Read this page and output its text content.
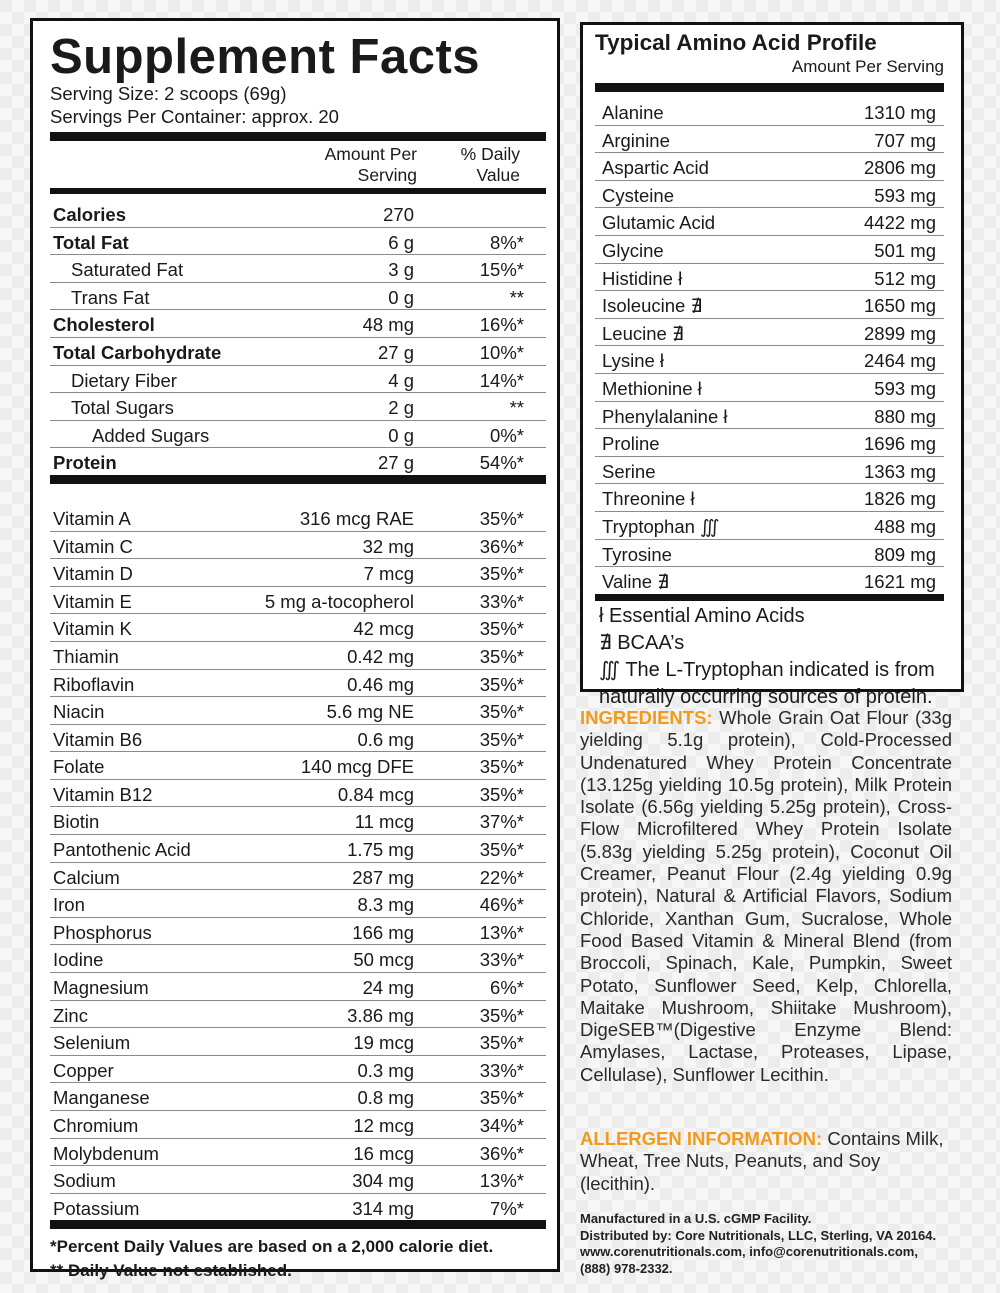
Supplement Facts
Serving Size: 2 scoops (69g)
Servings Per Container: approx. 20
Amount Per
Serving
% Daily
Value
Calories	270
Total Fat	6 g	8%*
Saturated Fat	3 g	15%*
Trans Fat	0 g	**
Cholesterol	48 mg	16%*
Total Carbohydrate	27 g	10%*
Dietary Fiber	4 g	14%*
Total Sugars	2 g	**
Added Sugars	0 g	0%*
Protein	27 g	54%*
Vitamin A	316 mcg RAE	35%*
Vitamin C	32 mg	36%*
Vitamin D	7 mcg	35%*
Vitamin E	5 mg a-tocopherol	33%*
Vitamin K	42 mcg	35%*
Thiamin	0.42 mg	35%*
Riboflavin	0.46 mg	35%*
Niacin	5.6 mg NE	35%*
Vitamin B6	0.6 mg	35%*
Folate	140 mcg DFE	35%*
Vitamin B12	0.84 mcg	35%*
Biotin	11 mcg	37%*
Pantothenic Acid	1.75 mg	35%*
Calcium	287 mg	22%*
Iron	8.3 mg	46%*
Phosphorus	166 mg	13%*
Iodine	50 mcg	33%*
Magnesium	24 mg	6%*
Zinc	3.86 mg	35%*
Selenium	19 mcg	35%*
Copper	0.3 mg	33%*
Manganese	0.8 mg	35%*
Chromium	12 mcg	34%*
Molybdenum	16 mcg	36%*
Sodium	304 mg	13%*
Potassium	314 mg	7%*
*Percent Daily Values are based on a 2,000 calorie diet.
** Daily Value not established.
Typical Amino Acid Profile
Amount Per Serving
Alanine	1310 mg
Arginine	707 mg
Aspartic Acid	2806 mg
Cysteine	593 mg
Glutamic Acid	4422 mg
Glycine	501 mg
Histidine ł	512 mg
Isoleucine ∄	1650 mg
Leucine ∄	2899 mg
Lysine ł	2464 mg
Methionine ł	593 mg
Phenylalanine ł	880 mg
Proline	1696 mg
Serine	1363 mg
Threonine ł	1826 mg
Tryptophan ∭	488 mg
Tyrosine	809 mg
Valine ∄	1621 mg
ł Essential Amino Acids
∄ BCAA’s
∭ The L-Tryptophan indicated is from naturally occurring sources of protein.
INGREDIENTS: Whole Grain Oat Flour (33g yielding 5.1g protein), Cold-Processed Undenatured Whey Protein Concentrate (13.125g yielding 10.5g protein), Milk Protein Isolate (6.56g yielding 5.25g protein), Cross-Flow Microfiltered Whey Protein Isolate (5.83g yielding 5.25g protein), Coconut Oil Creamer, Peanut Flour (2.4g yielding 0.9g protein), Natural & Artificial Flavors, Sodium Chloride, Xanthan Gum, Sucralose, Whole Food Based Vitamin & Mineral Blend (from Broccoli, Spinach, Kale, Pumpkin, Sweet Potato, Sunflower Seed, Kelp, Chlorella, Maitake Mushroom, Shiitake Mushroom), DigeSEB™(Digestive Enzyme Blend: Amylases, Lactase, Proteases, Lipase, Cellulase), Sunflower Lecithin.
ALLERGEN INFORMATION: Contains Milk, Wheat, Tree Nuts, Peanuts, and Soy (lecithin).
Manufactured in a U.S. cGMP Facility.
Distributed by: Core Nutritionals, LLC, Sterling, VA 20164.
www.corenutritionals.com, info@corenutritionals.com,
(888) 978-2332.
